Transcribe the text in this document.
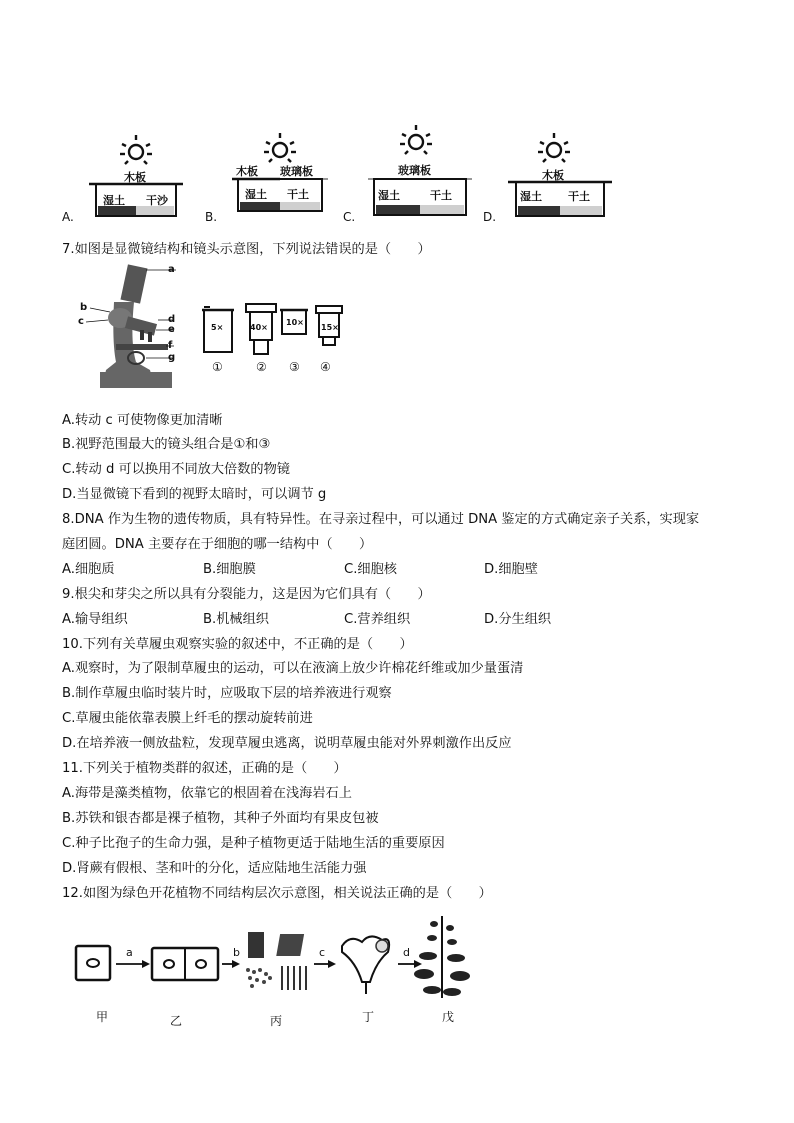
木板
湿土 干沙
A.
木板 玻璃板
湿土 干土
B.
玻璃板
湿土	干土
C.
木板
湿土 干土
D.
7.如图是显微镜结构和镜头示意图，下列说法错误的是（　　）
a
b
c	d
e
f
g
5×	40×
10×
15×
①	② ③ ④
A.转动 c 可使物像更加清晰
B.视野范围最大的镜头组合是①和③
C.转动 d 可以换用不同放大倍数的物镜
D.当显微镜下看到的视野太暗时，可以调节 g
8.DNA 作为生物的遗传物质，具有特异性。在寻亲过程中，可以通过 DNA 鉴定的方式确定亲子关系，实现家
庭团圆。DNA 主要存在于细胞的哪一结构中（　　）
A.细胞质	B.细胞膜	C.细胞核	D.细胞壁
9.根尖和芽尖之所以具有分裂能力，这是因为它们具有（　　）
A.输导组织	B.机械组织	C.营养组织	D.分生组织
10.下列有关草履虫观察实验的叙述中，不正确的是（　　）
A.观察时，为了限制草履虫的运动，可以在液滴上放少许棉花纤维或加少量蛋清
B.制作草履虫临时装片时，应吸取下层的培养液进行观察
C.草履虫能依靠表膜上纤毛的摆动旋转前进
D.在培养液一侧放盐粒，发现草履虫逃离，说明草履虫能对外界刺激作出反应
11.下列关于植物类群的叙述，正确的是（　　）
A.海带是藻类植物，依靠它的根固着在浅海岩石上
B.苏铁和银杏都是裸子植物，其种子外面均有果皮包被
C.种子比孢子的生命力强，是种子植物更适于陆地生活的重要原因
D.肾蕨有假根、茎和叶的分化，适应陆地生活能力强
12.如图为绿色开花植物不同结构层次示意图，相关说法正确的是（　　）
a	b	c	d
甲	乙	丙	丁	戊
